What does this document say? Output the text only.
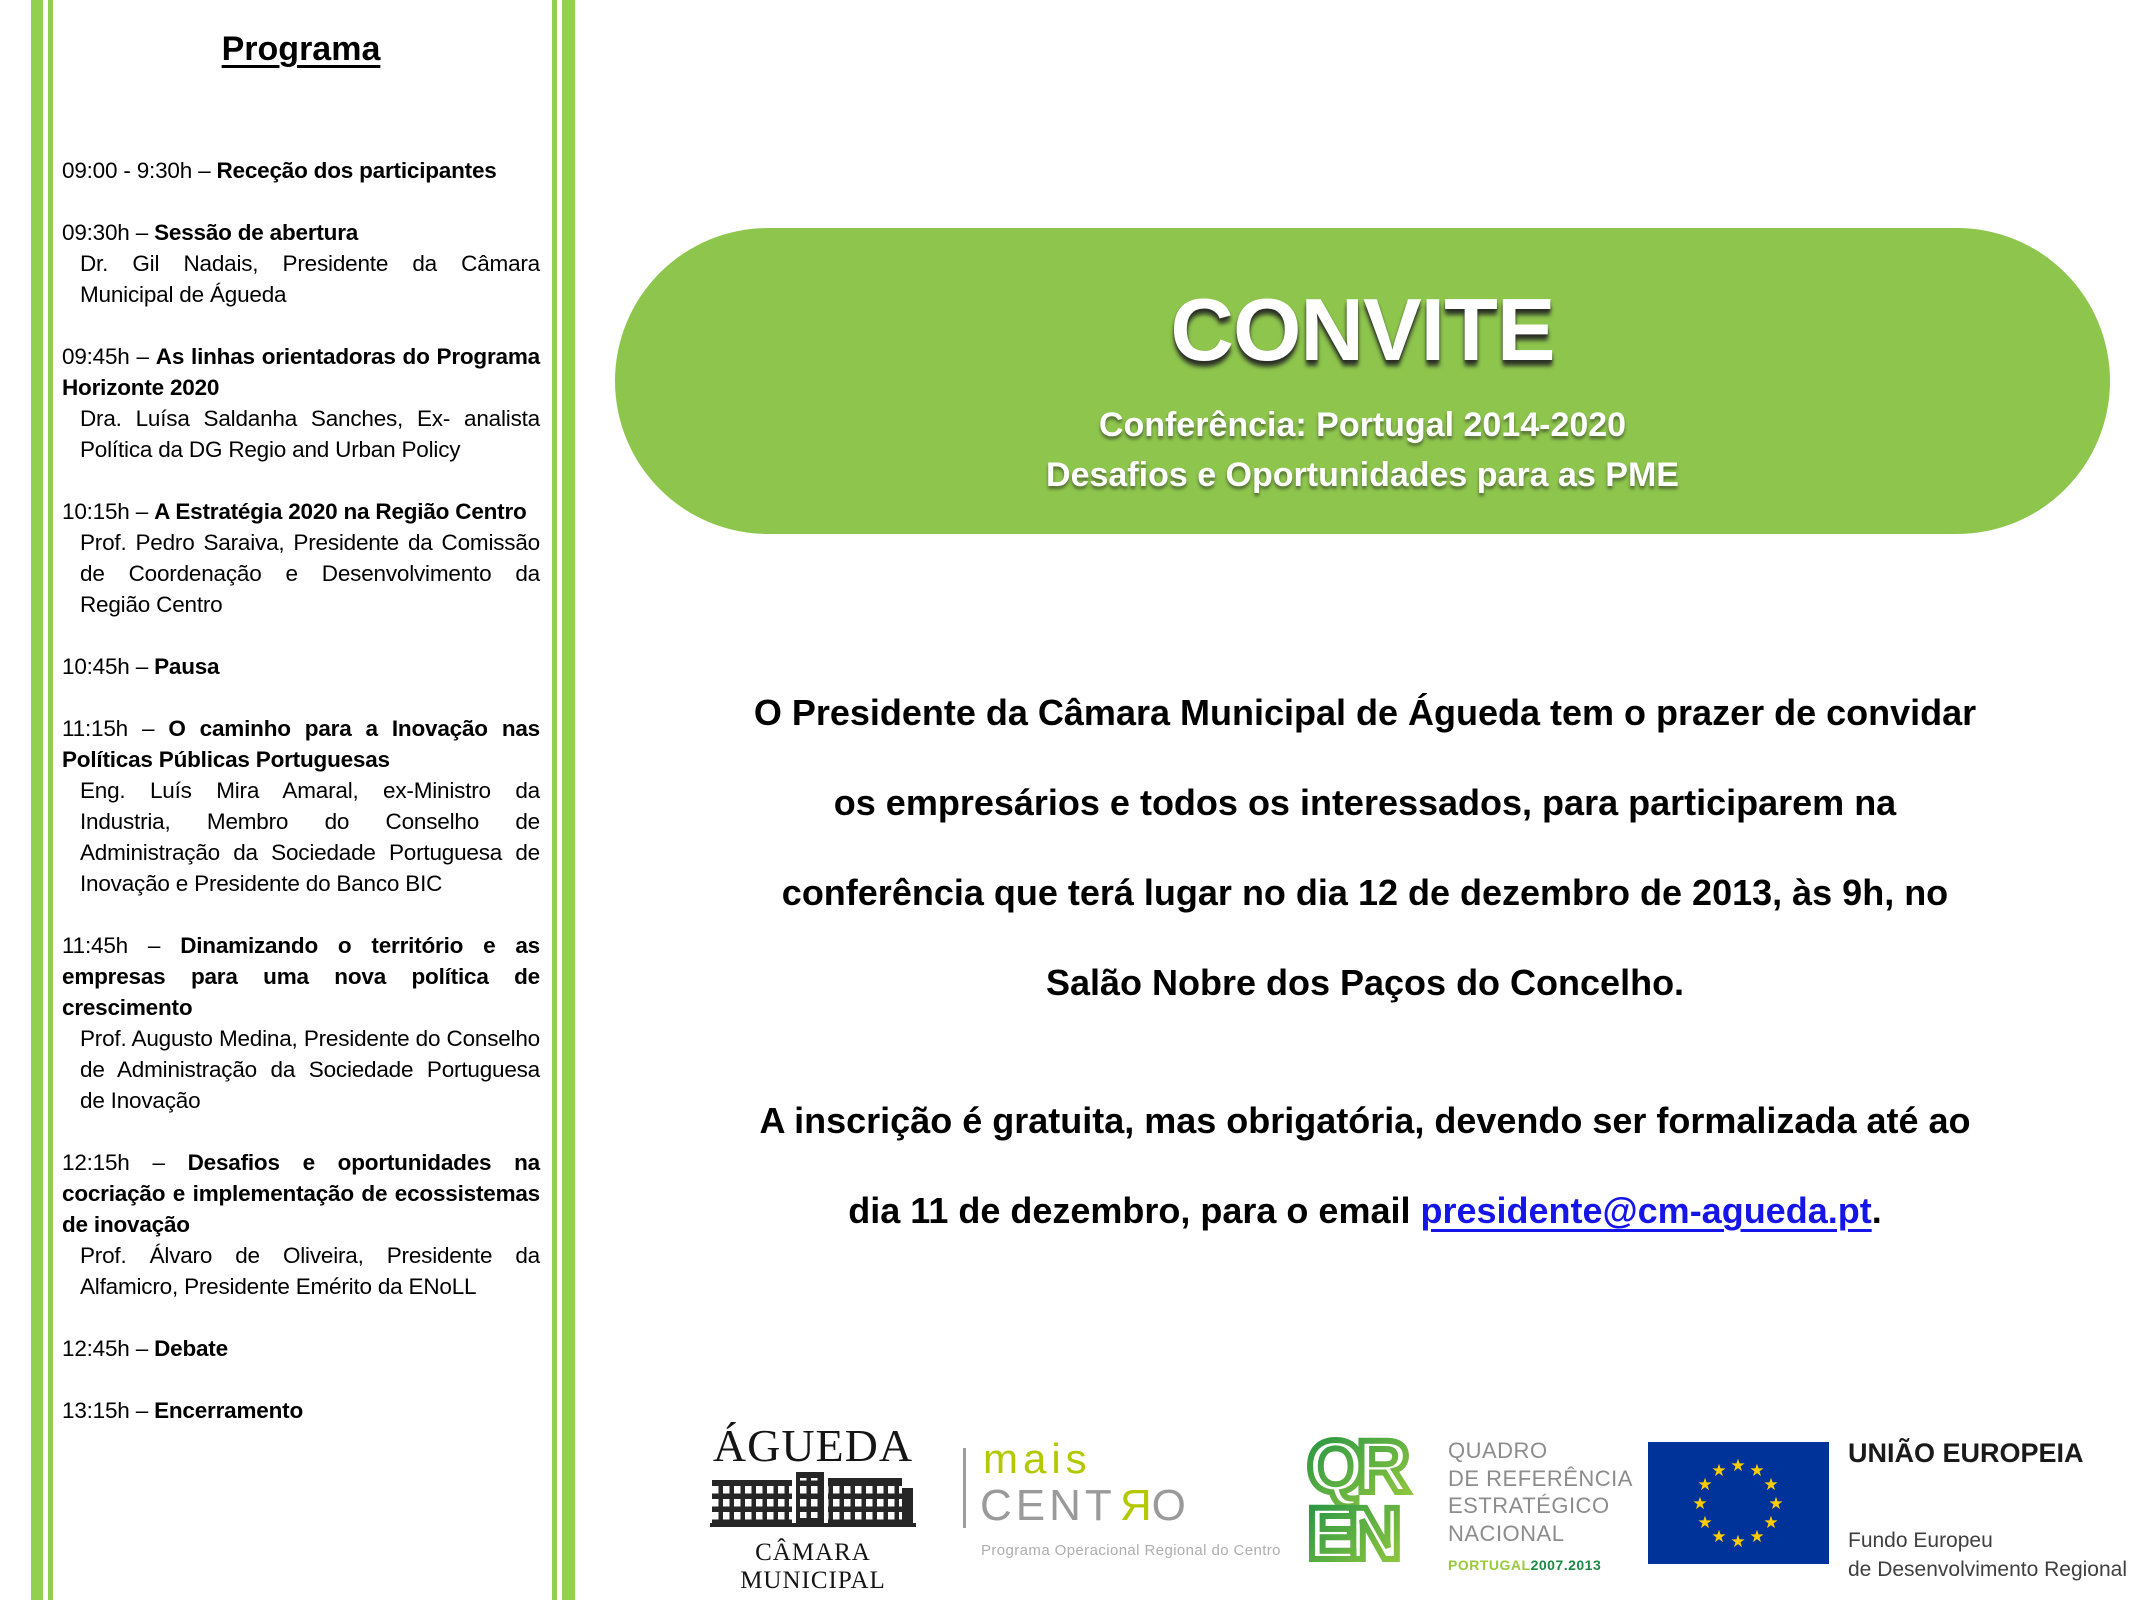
Programa

09:00 - 9:30h – Receção dos participantes

09:30h – Sessão de abertura

Dr. Gil Nadais, Presidente da Câmara Municipal de Águeda

09:45h – As linhas orientadoras do Programa Horizonte 2020

Dra. Luísa Saldanha Sanches, Ex- analista Política da DG Regio and Urban Policy

10:15h – A Estratégia 2020 na Região Centro

Prof. Pedro Saraiva, Presidente da Comissão de Coordenação e Desenvolvimento da Região Centro

10:45h – Pausa

11:15h – O caminho para a Inovação nas Políticas Públicas Portuguesas

Eng. Luís Mira Amaral, ex-Ministro da Industria, Membro do Conselho de Administração da Sociedade Portuguesa de Inovação e Presidente do Banco BIC

11:45h – Dinamizando o território e as empresas para uma nova política de crescimento

Prof. Augusto Medina, Presidente do Conselho de Administração da Sociedade Portuguesa de Inovação

12:15h – Desafios e oportunidades na cocriação e implementação de ecossistemas de inovação

Prof. Álvaro de Oliveira, Presidente da Alfamicro, Presidente Emérito da ENoLL

12:45h – Debate

13:15h – Encerramento

CONVITE
Conferência: Portugal 2014-2020
Desafios e Oportunidades para as PME
O Presidente da Câmara Municipal de Águeda tem o prazer de convidar
os empresários e todos os interessados, para participarem na
conferência que terá lugar no dia 12 de dezembro de 2013, às 9h, no
Salão Nobre dos Paços do Concelho.
A inscrição é gratuita, mas obrigatória, devendo ser formalizada até ao
dia 11 de dezembro, para o email presidente@cm-agueda.pt.
ÁGUEDA
CÂMARA MUNICIPAL
mais
CENTRO
Programa Operacional Regional do Centro
QR
EN
QUADRO
DE REFERÊNCIA
ESTRATÉGICO
NACIONAL
PORTUGAL2007.2013
★ ★
★
★
★
★
★
★
★
★
★
★
UNIÃO EUROPEIA
Fundo Europeu
de Desenvolvimento Regional
